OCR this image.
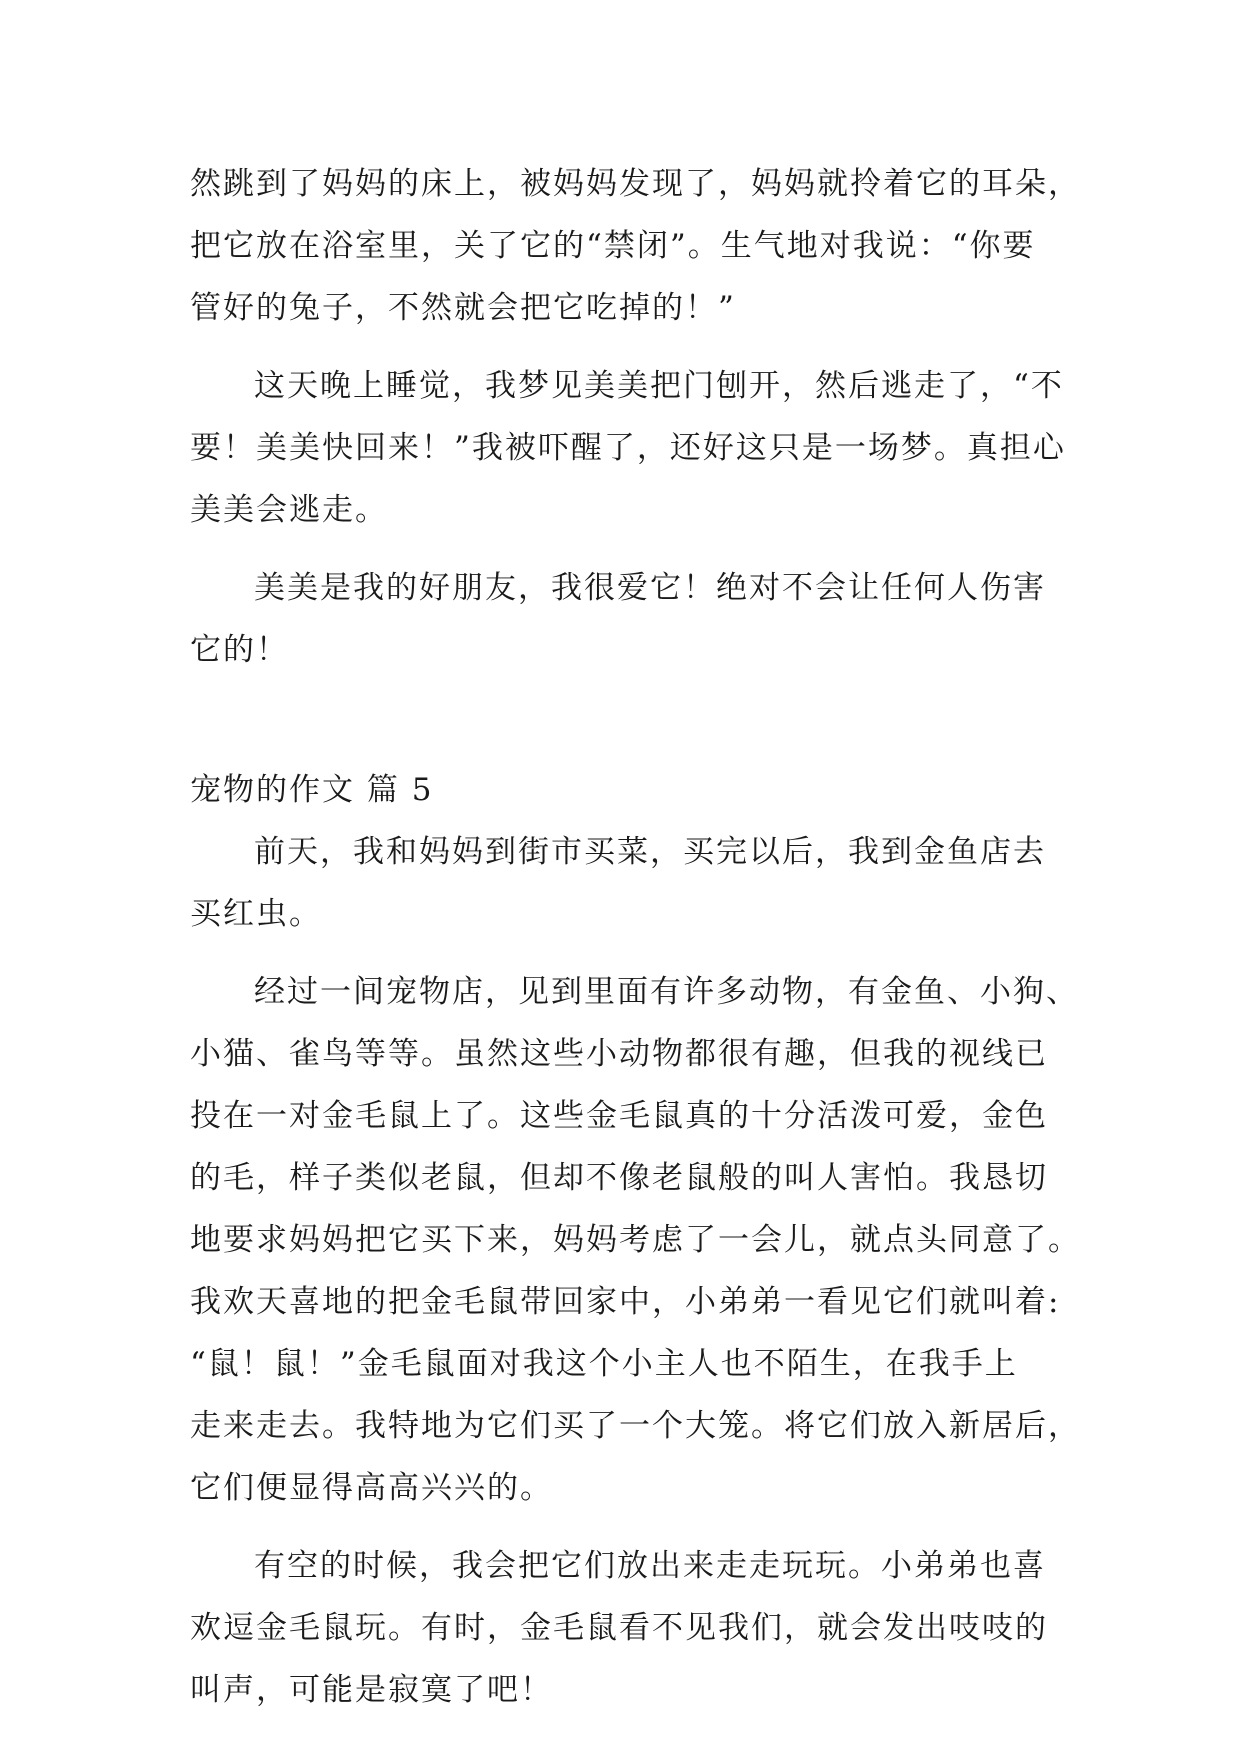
然跳到了妈妈的床上，被妈妈发现了，妈妈就拎着它的耳朵，
把它放在浴室里，关了它的“禁闭”。生气地对我说：“你要
管好的兔子，不然就会把它吃掉的！”
这天晚上睡觉，我梦见美美把门刨开，然后逃走了，“不
要！美美快回来！”我被吓醒了，还好这只是一场梦。真担心
美美会逃走。
美美是我的好朋友，我很爱它！绝对不会让任何人伤害
它的！
宠物的作文 篇 5
前天，我和妈妈到街市买菜，买完以后，我到金鱼店去
买红虫。
经过一间宠物店，见到里面有许多动物，有金鱼、小狗、
小猫、雀鸟等等。虽然这些小动物都很有趣，但我的视线已
投在一对金毛鼠上了。这些金毛鼠真的十分活泼可爱，金色
的毛，样子类似老鼠，但却不像老鼠般的叫人害怕。我恳切
地要求妈妈把它买下来，妈妈考虑了一会儿，就点头同意了。
我欢天喜地的把金毛鼠带回家中，小弟弟一看见它们就叫着:
“鼠！鼠！”金毛鼠面对我这个小主人也不陌生，在我手上
走来走去。我特地为它们买了一个大笼。将它们放入新居后，
它们便显得高高兴兴的。
有空的时候，我会把它们放出来走走玩玩。小弟弟也喜
欢逗金毛鼠玩。有时，金毛鼠看不见我们，就会发出吱吱的
叫声，可能是寂寞了吧！
